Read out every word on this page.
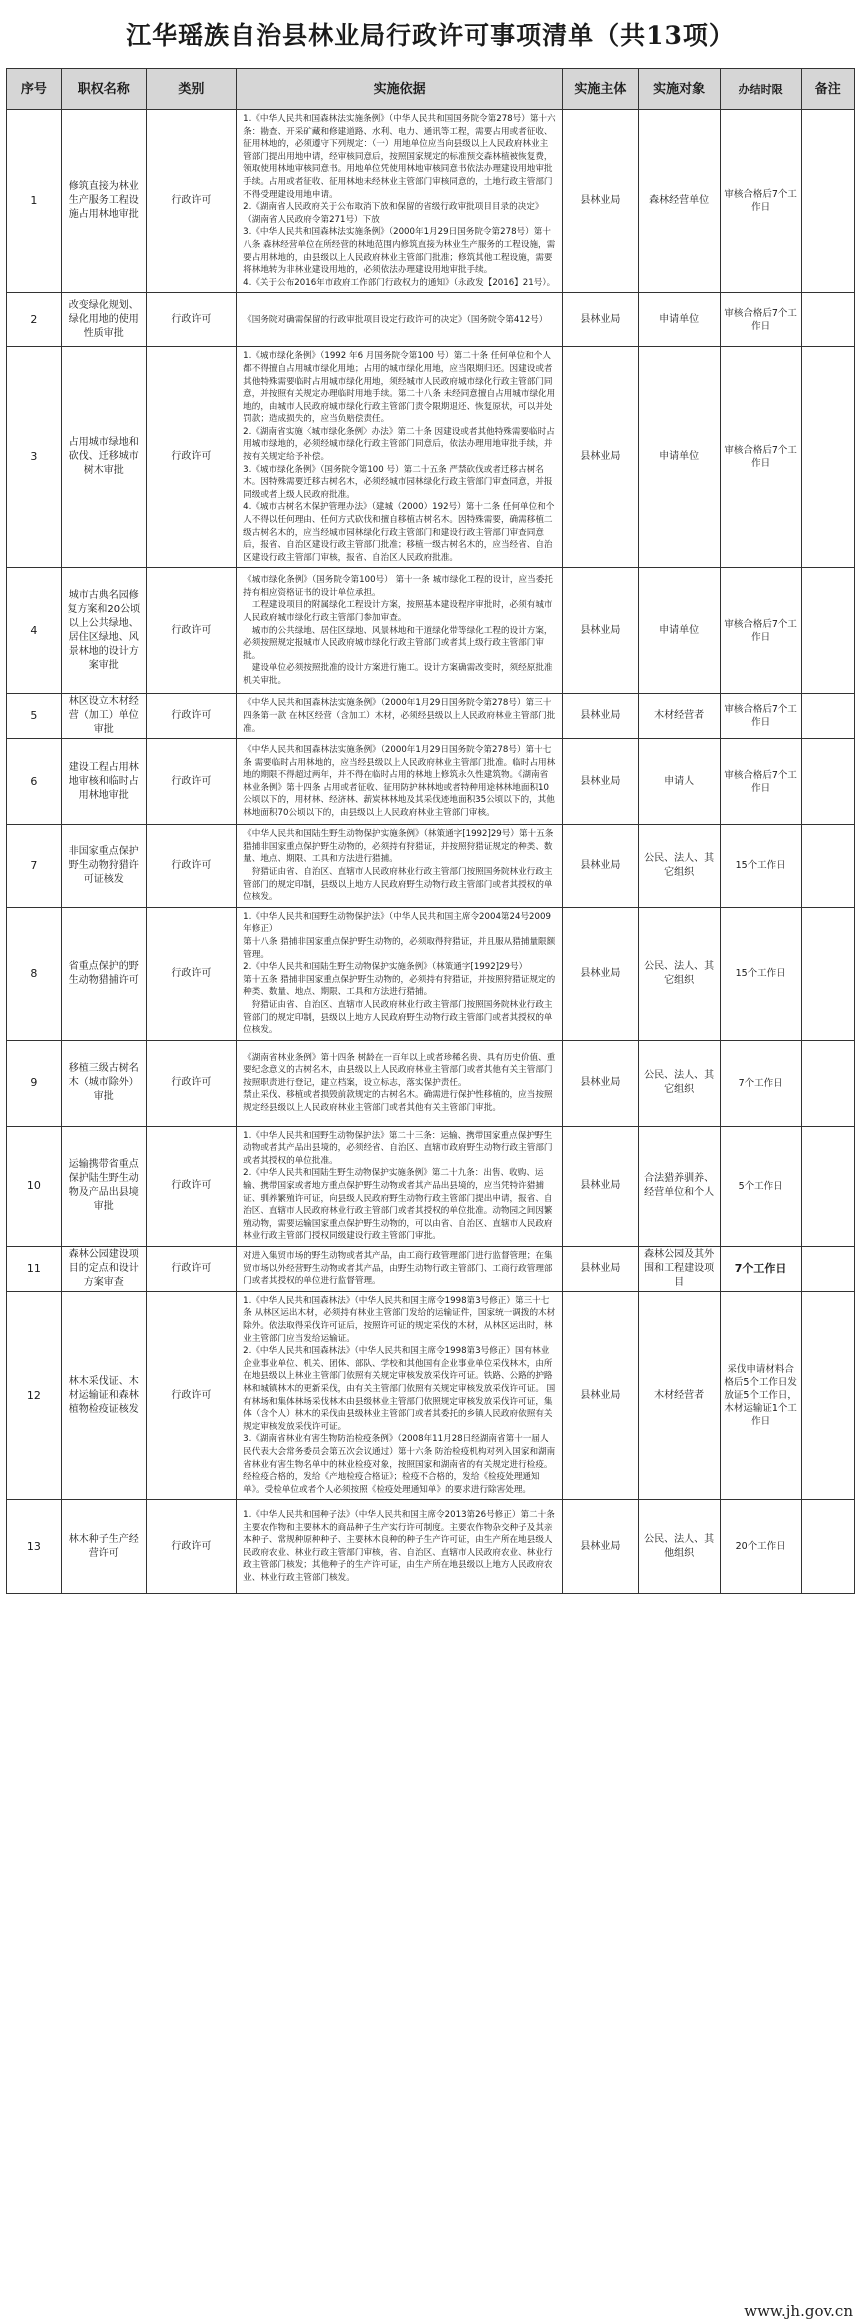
江华瑶族自治县林业局行政许可事项清单（共13项）
序号	职权名称	类别	实施依据	实施主体	实施对象	办结时限	备注
1	修筑直接为林业生产服务工程设施占用林地审批	行政许可	1.《中华人民共和国森林法实施条例》（中华人民共和国国务院令第278号）第十六条：勘查、开采矿藏和修建道路、水利、电力、通讯等工程，需要占用或者征收、征用林地的，必须遵守下列规定：（一）用地单位应当向县级以上人民政府林业主管部门提出用地申请，经审核同意后，按照国家规定的标准预交森林植被恢复费，领取使用林地审核同意书。用地单位凭使用林地审核同意书依法办理建设用地审批手续。占用或者征收、征用林地未经林业主管部门审核同意的，土地行政主管部门不得受理建设用地申请。
2.《湖南省人民政府关于公布取消下放和保留的省级行政审批项目目录的决定》（湖南省人民政府令第271号）下放
3.《中华人民共和国森林法实施条例》（2000年1月29日国务院令第278号）第十八条 森林经营单位在所经营的林地范围内修筑直接为林业生产服务的工程设施，需要占用林地的，由县级以上人民政府林业主管部门批准；修筑其他工程设施，需要将林地转为非林业建设用地的，必须依法办理建设用地审批手续。
4.《关于公布2016年市政府工作部门行政权力的通知》（永政发【2016】21号）。	县林业局	森林经营单位	审核合格后7个工作日	
2	改变绿化规划、绿化用地的使用性质审批	行政许可	《国务院对确需保留的行政审批项目设定行政许可的决定》（国务院令第412号）	县林业局	申请单位	审核合格后7个工作日	
3	占用城市绿地和砍伐、迁移城市树木审批	行政许可	1.《城市绿化条例》（1992 年6 月国务院令第100 号）第二十条 任何单位和个人都不得擅自占用城市绿化用地；占用的城市绿化用地，应当限期归还。因建设或者其他特殊需要临时占用城市绿化用地，须经城市人民政府城市绿化行政主管部门同意，并按照有关规定办理临时用地手续。第二十八条 未经同意擅自占用城市绿化用地的，由城市人民政府城市绿化行政主管部门责令限期退还、恢复原状，可以并处罚款；造成损失的，应当负赔偿责任。
2.《湖南省实施〈城市绿化条例〉办法》第二十条 因建设或者其他特殊需要临时占用城市绿地的，必须经城市绿化行政主管部门同意后，依法办理用地审批手续，并按有关规定给予补偿。
3.《城市绿化条例》（国务院令第100 号）第二十五条 严禁砍伐或者迁移古树名木。因特殊需要迁移古树名木，必须经城市园林绿化行政主管部门审查同意，并报同级或者上级人民政府批准。
4.《城市古树名木保护管理办法》（建城（2000）192号）第十二条 任何单位和个人不得以任何理由、任何方式砍伐和擅自移植古树名木。因特殊需要，确需移植二级古树名木的，应当经城市园林绿化行政主管部门和建设行政主管部门审查同意后，报省、自治区建设行政主管部门批准；移植一级古树名木的，应当经省、自治区建设行政主管部门审核，报省、自治区人民政府批准。	县林业局	申请单位	审核合格后7个工作日	
4	城市古典名园修复方案和20公顷以上公共绿地、居住区绿地、风景林地的设计方案审批	行政许可	《城市绿化条例》（国务院令第100号） 第十一条 城市绿化工程的设计，应当委托持有相应资格证书的设计单位承担。
　工程建设项目的附属绿化工程设计方案，按照基本建设程序审批时，必须有城市人民政府城市绿化行政主管部门参加审查。
　城市的公共绿地、居住区绿地、风景林地和干道绿化带等绿化工程的设计方案，必须按照规定报城市人民政府城市绿化行政主管部门或者其上级行政主管部门审批。
　建设单位必须按照批准的设计方案进行施工。设计方案确需改变时，须经原批准机关审批。	县林业局	申请单位	审核合格后7个工作日	
5	林区设立木材经营（加工）单位审批	行政许可	《中华人民共和国森林法实施条例》（2000年1月29日国务院令第278号）第三十四条第一款 在林区经营（含加工）木材，必须经县级以上人民政府林业主管部门批准。	县林业局	木材经营者	审核合格后7个工作日	
6	建设工程占用林地审核和临时占用林地审批	行政许可	《中华人民共和国森林法实施条例》（2000年1月29日国务院令第278号）第十七条 需要临时占用林地的，应当经县级以上人民政府林业主管部门批准。临时占用林地的期限不得超过两年，并不得在临时占用的林地上修筑永久性建筑物。《湖南省林业条例》第十四条 占用或者征收、征用防护林林地或者特种用途林林地面积10公顷以下的，用材林、经济林、薪炭林林地及其采伐迹地面积35公顷以下的，其他林地面积70公顷以下的，由县级以上人民政府林业主管部门审核。	县林业局	申请人	审核合格后7个工作日	
7	非国家重点保护野生动物狩猎许可证核发	行政许可	《中华人民共和国陆生野生动物保护实施条例》（林策通字[1992]29号）第十五条 猎捕非国家重点保护野生动物的，必须持有狩猎证，并按照狩猎证规定的种类、数量、地点、期限、工具和方法进行猎捕。
　狩猎证由省、自治区、直辖市人民政府林业行政主管部门按照国务院林业行政主管部门的规定印制，县级以上地方人民政府野生动物行政主管部门或者其授权的单位核发。	县林业局	公民、法人、其它组织	15个工作日	
8	省重点保护的野生动物猎捕许可	行政许可	1.《中华人民共和国野生动物保护法》（中华人民共和国主席令2004第24号2009年修正）
第十八条 猎捕非国家重点保护野生动物的，必须取得狩猎证，并且服从猎捕量限额管理。
2.《中华人民共和国陆生野生动物保护实施条例》（林策通字[1992]29号）
第十五条 猎捕非国家重点保护野生动物的，必须持有狩猎证，并按照狩猎证规定的种类、数量、地点、期限、工具和方法进行猎捕。
　狩猎证由省、自治区、直辖市人民政府林业行政主管部门按照国务院林业行政主管部门的规定印制，县级以上地方人民政府野生动物行政主管部门或者其授权的单位核发。	县林业局	公民、法人、其它组织	15个工作日	
9	移植三级古树名木（城市除外）审批	行政许可	《湖南省林业条例》第十四条 树龄在一百年以上或者珍稀名贵、具有历史价值、重要纪念意义的古树名木，由县级以上人民政府林业主管部门或者其他有关主管部门按照职责进行登记，建立档案，设立标志，落实保护责任。
禁止采伐、移植或者损毁前款规定的古树名木。确需进行保护性移植的，应当按照规定经县级以上人民政府林业主管部门或者其他有关主管部门审批。	县林业局	公民、法人、其它组织	7个工作日	
10	运输携带省重点保护陆生野生动物及产品出县境审批	行政许可	1.《中华人民共和国野生动物保护法》第二十三条：运输、携带国家重点保护野生动物或者其产品出县境的，必须经省、自治区、直辖市政府野生动物行政主管部门或者其授权的单位批准。
2.《中华人民共和国陆生野生动物保护实施条例》第二十九条：出售、收购、运输、携带国家或者地方重点保护野生动物或者其产品出县境的，应当凭特许猎捕证、驯养繁殖许可证，向县级人民政府野生动物行政主管部门提出申请，报省、自治区、直辖市人民政府林业行政主管部门或者其授权的单位批准。动物园之间因繁殖动物，需要运输国家重点保护野生动物的，可以由省、自治区、直辖市人民政府林业行政主管部门授权同级建设行政主管部门审批。	县林业局	合法猎养驯养、经营单位和个人	5个工作日	
11	森林公园建设项目的定点和设计方案审查	行政许可	对进入集贸市场的野生动物或者其产品，由工商行政管理部门进行监督管理；在集贸市场以外经营野生动物或者其产品，由野生动物行政主管部门、工商行政管理部门或者其授权的单位进行监督管理。	县林业局	森林公园及其外围和工程建设项目	7个工作日	
12	林木采伐证、木材运输证和森林植物检疫证核发	行政许可	1.《中华人民共和国森林法》（中华人民共和国主席令1998第3号修正）第三十七条 从林区运出木材，必须持有林业主管部门发给的运输证件，国家统一调拨的木材除外。依法取得采伐许可证后，按照许可证的规定采伐的木材，从林区运出时，林业主管部门应当发给运输证。
2.《中华人民共和国森林法》（中华人民共和国主席令1998第3号修正）国有林业企业事业单位、机关、团体、部队、学校和其他国有企业事业单位采伐林木，由所在地县级以上林业主管部门依照有关规定审核发放采伐许可证。铁路、公路的护路林和城镇林木的更新采伐，由有关主管部门依照有关规定审核发放采伐许可证。 国有林场和集体林场采伐林木由县级林业主管部门依照规定审核发放采伐许可证，集体（含个人）林木的采伐由县级林业主管部门或者其委托的乡镇人民政府依照有关规定审核发放采伐许可证。
3.《湖南省林业有害生物防治检疫条例》（2008年11月28日经湖南省第十一届人民代表大会常务委员会第五次会议通过）第十六条 防治检疫机构对列入国家和湖南省林业有害生物名单中的林业检疫对象，按照国家和湖南省的有关规定进行检疫。经检疫合格的，发给《产地检疫合格证》；检疫不合格的，发给《检疫处理通知单》。受检单位或者个人必须按照《检疫处理通知单》的要求进行除害处理。	县林业局	木材经营者	采伐申请材料合格后5个工作日发放证5个工作日，木材运输证1个工作日	
13	林木种子生产经营许可	行政许可	1.《中华人民共和国种子法》（中华人民共和国主席令2013第26号修正）第二十条 主要农作物和主要林木的商品种子生产实行许可制度。主要农作物杂交种子及其亲本种子、常规种原种种子、主要林木良种的种子生产许可证，由生产所在地县级人民政府农业、林业行政主管部门审核，省、自治区、直辖市人民政府农业、林业行政主管部门核发；其他种子的生产许可证，由生产所在地县级以上地方人民政府农业、林业行政主管部门核发。	县林业局	公民、法人、其他组织	20个工作日	
www.jh.gov.cn
